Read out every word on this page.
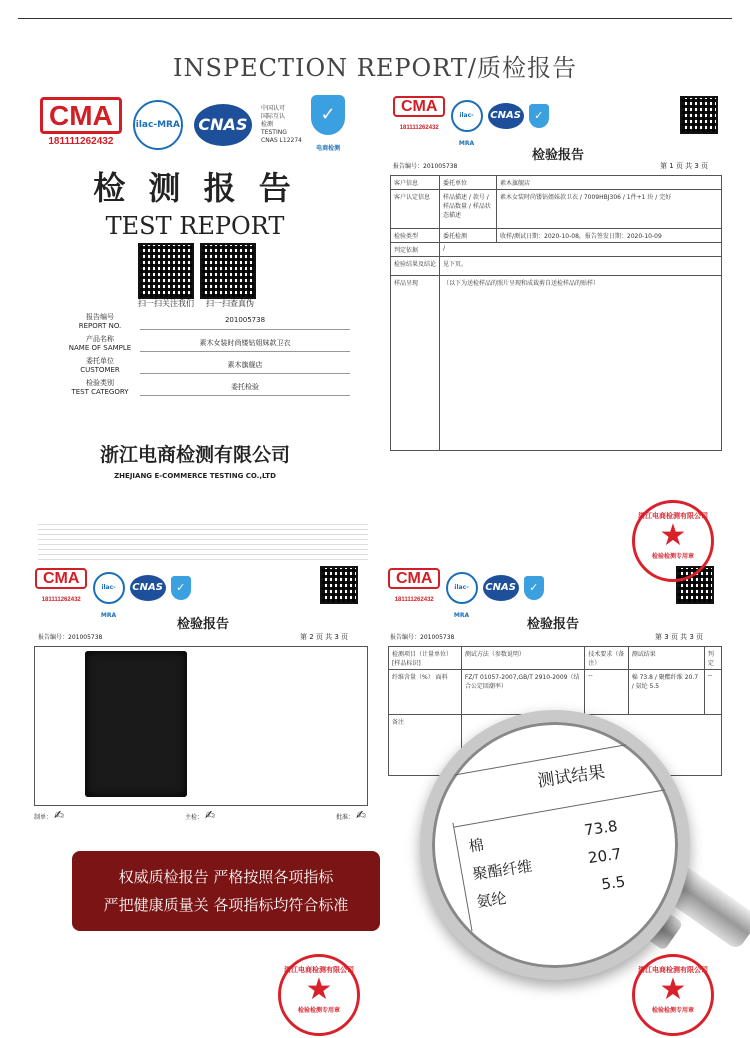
INSPECTION REPORT/质检报告
CMA
181111262432 ilac-MRA CNAS 中国认可
国际互认
检测
TESTING
CNAS L12274 ✓
电商检测
检 测 报 告
TEST REPORT
扫一扫关注我们 扫一扫查真伪
报告编号
REPORT NO.
201005738
产品名称
NAME OF SAMPLE
素木女装时尚镂钻姐妹款卫衣
委托单位
CUSTOMER
素木旗舰店
检验类别
TEST CATEGORY
委托检验
浙江电商检测有限公司
ZHEJIANG E-COMMERCE TESTING CO.,LTD
CMA
181111262432 ilac-MRA CNAS ✓
检验报告
报告编号：201005738	第 1 页 共 3 页
客户信息	委托单位	素木旗舰店
客户认定信息	样品描述 / 款号 / 样品数量 / 样品状态描述	素木女装时尚镂钻姐妹款卫衣 / 7009HBJ306 / 1件+1 块 / 完好
检验类型	委托检测	收样/测试日期：2020-10-08，报告签发日期：2020-10-09
判定依据	/	
检验结果及结论	见下页。	
样品呈现	（以下为送检样品的照片呈现和成裁剪自送检样品的贴样）	
CMA
181111262432 ilac-MRA CNAS ✓
检验报告
报告编号：201005738	第 2 页 共 3 页
制单： ✍	主检： ✍	批准： ✍
CMA
181111262432 ilac-MRA CNAS ✓
检验报告
报告编号：201005738	第 3 页 共 3 页
检测项目（计量单位）[样品标识]	测试方法（参数说明）	技术要求（备注）	测试结果	判定
纤维含量（%） 面料	FZ/T 01057-2007,GB/T 2910-2009（结合公定回潮率）	--	棉 73.8 / 聚酯纤维 20.7 / 氨纶 5.5	--
备注				
测试结果
棉
73.8
聚酯纤维
20.7
氨纶
5.5
权威质检报告 严格按照各项指标
严把健康质量关 各项指标均符合标准
浙江电商检测有限公司
★
检验检测专用章
浙江电商检测有限公司
★
检验检测专用章
浙江电商检测有限公司
★
检验检测专用章
